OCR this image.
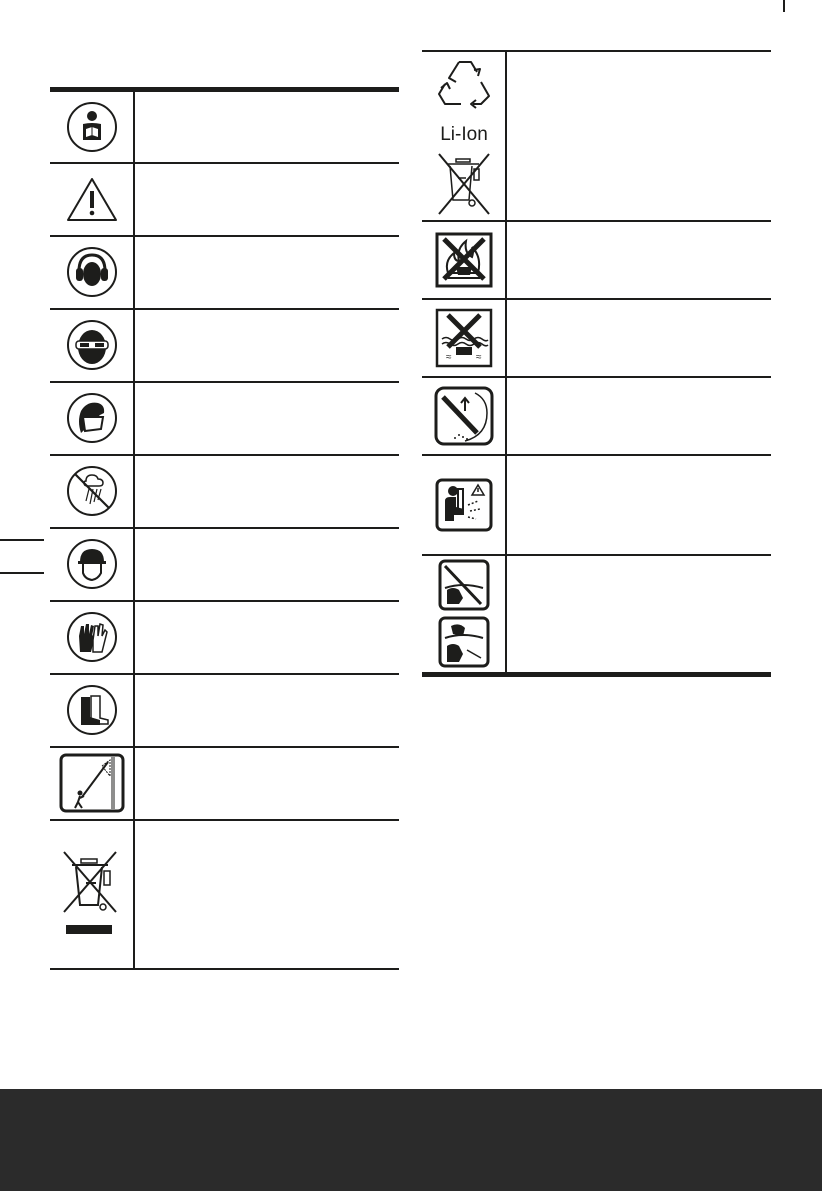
Li-Ion	

≈ ≈	
